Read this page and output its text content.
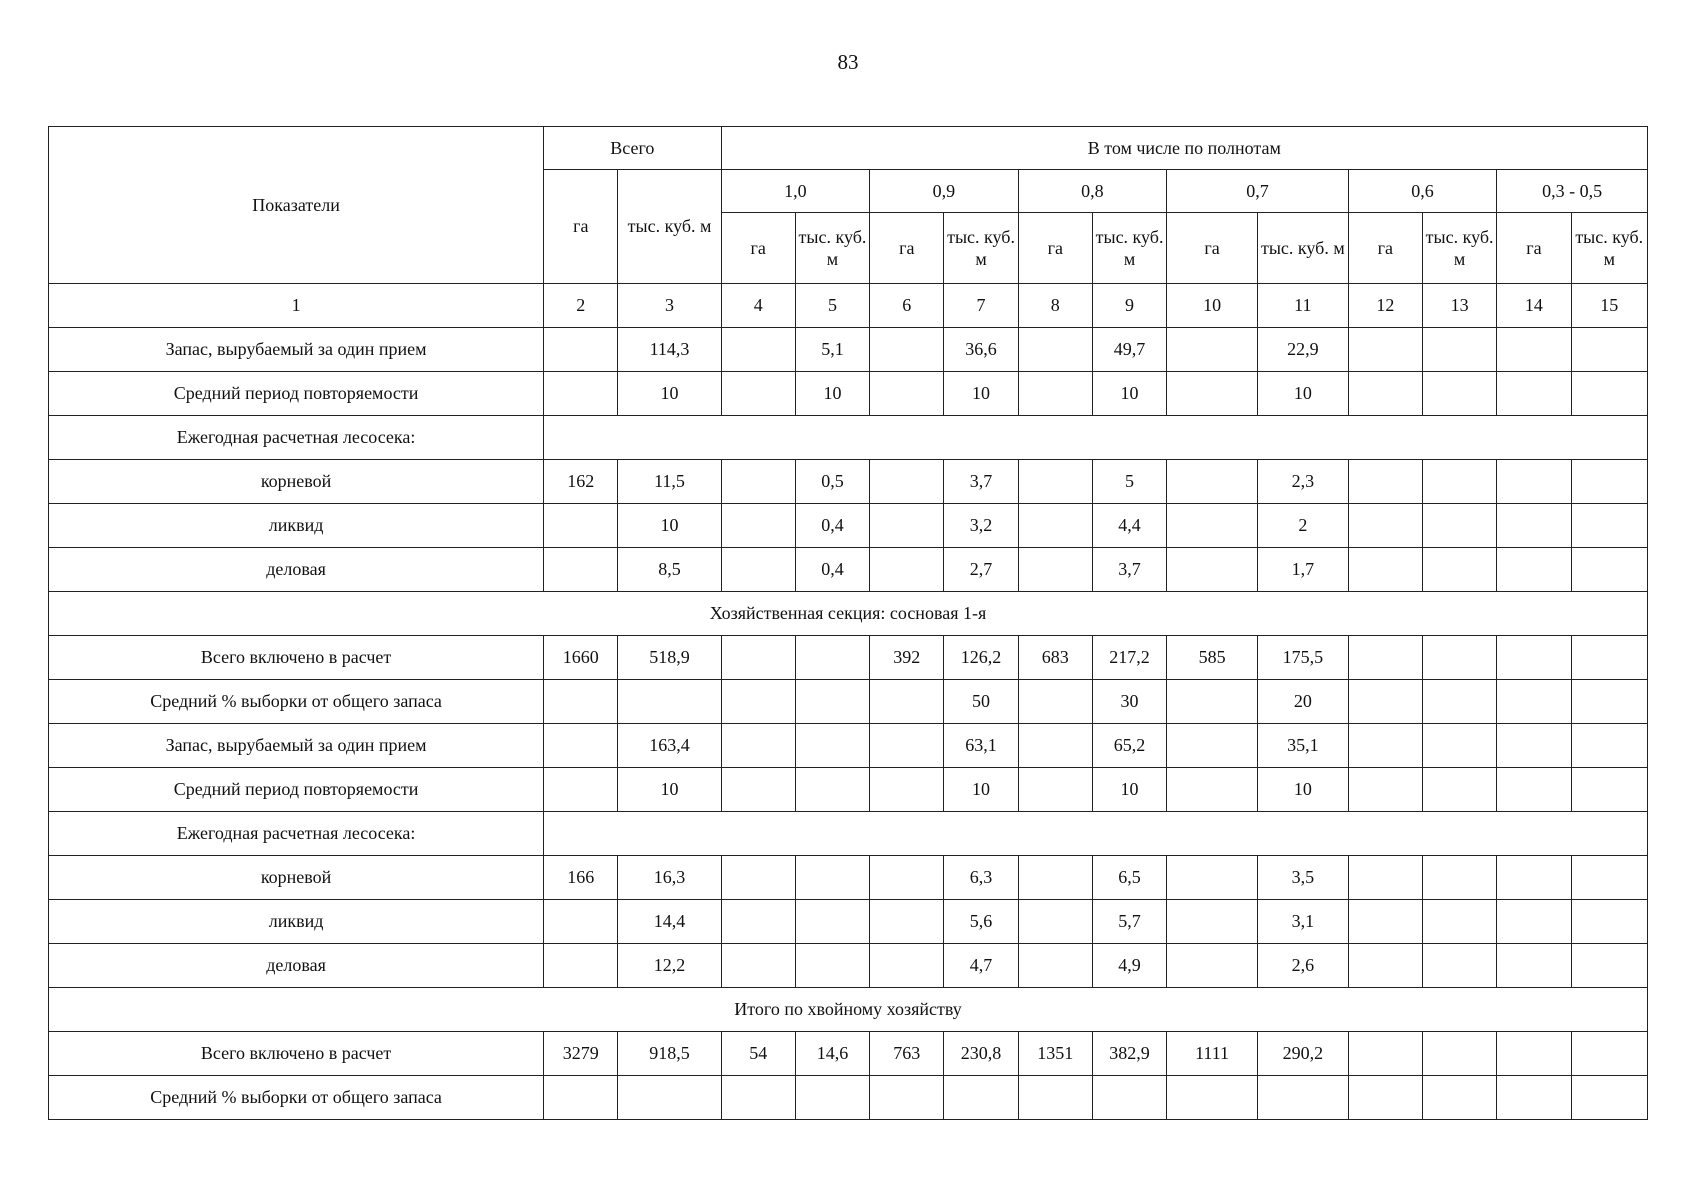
83
Показатели	Всего		В том числе по полнотам											
	га	тыс. куб. м	1,0		0,9		0,8		0,7		0,6		0,3 - 0,5	
			га	тыс. куб. м	га	тыс. куб. м	га	тыс. куб. м	га	тыс. куб. м	га	тыс. куб. м	га	тыс. куб. м
1	2	3	4	5	6	7	8	9	10	11	12	13	14	15
Запас, вырубаемый за один прием		114,3		5,1		36,6		49,7		22,9				
Средний период повторяемости		10		10		10		10		10				
Ежегодная расчетная лесосека:														
корневой	162	11,5		0,5		3,7		5		2,3				
ликвид		10		0,4		3,2		4,4		2				
деловая		8,5		0,4		2,7		3,7		1,7				
Хозяйственная секция: сосновая 1-я														
Всего включено в расчет	1660	518,9			392	126,2	683	217,2	585	175,5				
Средний % выборки от общего запаса						50		30		20				
Запас, вырубаемый за один прием		163,4				63,1		65,2		35,1				
Средний период повторяемости		10				10		10		10				
Ежегодная расчетная лесосека:														
корневой	166	16,3				6,3		6,5		3,5				
ликвид		14,4				5,6		5,7		3,1				
деловая		12,2				4,7		4,9		2,6				
Итого по хвойному хозяйству														
Всего включено в расчет	3279	918,5	54	14,6	763	230,8	1351	382,9	1111	290,2				
Средний % выборки от общего запаса														
